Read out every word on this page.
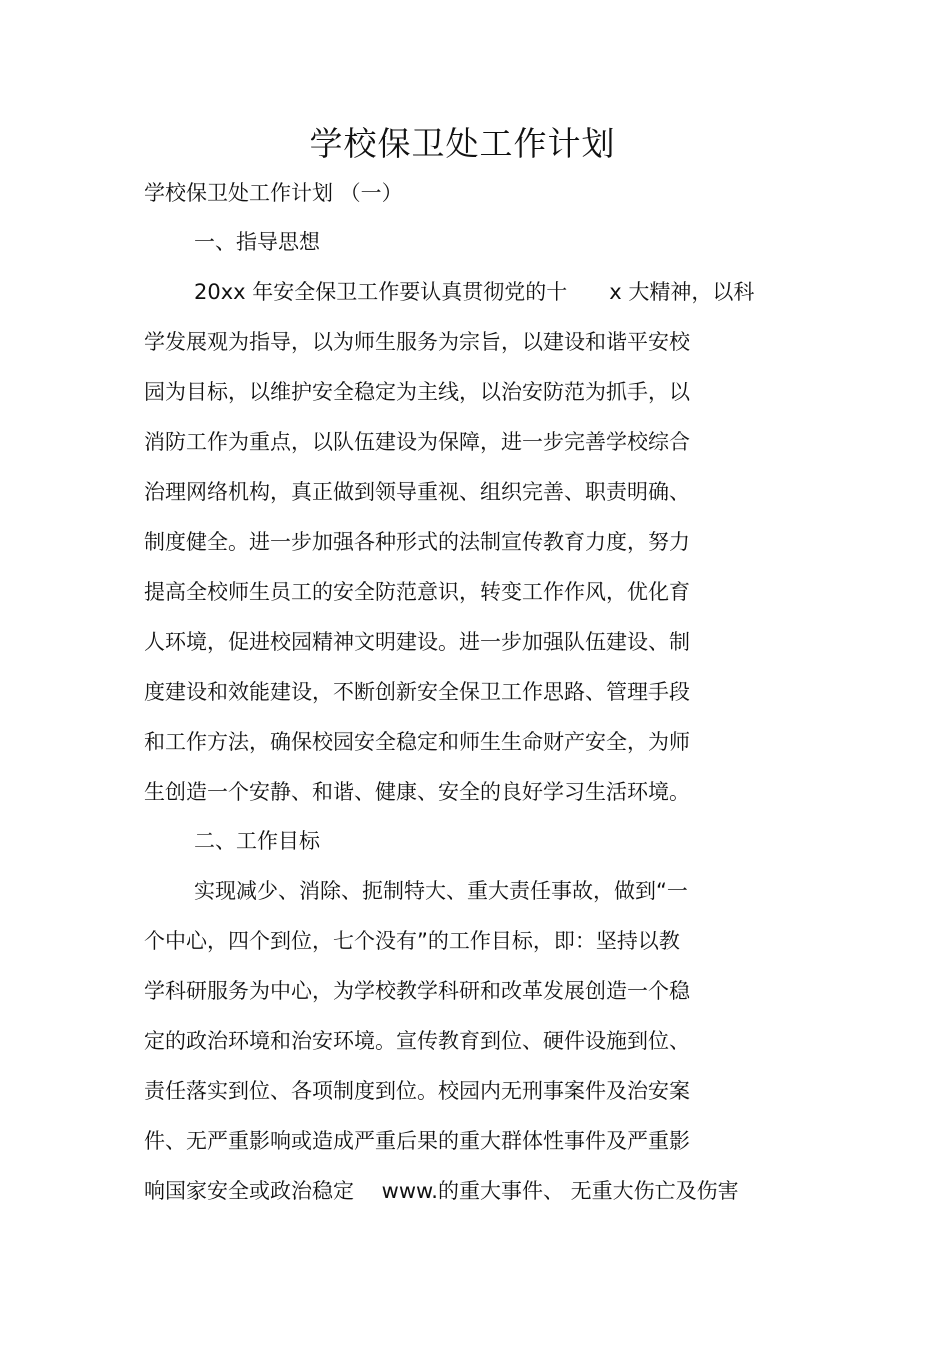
学校保卫处工作计划
学校保卫处工作计划 （一）
一、指导思想
20xx 年安全保卫工作要认真贯彻党的十　　x 大精神，以科
学发展观为指导，以为师生服务为宗旨，以建设和谐平安校
园为目标，以维护安全稳定为主线，以治安防范为抓手，以
消防工作为重点，以队伍建设为保障，进一步完善学校综合
治理网络机构，真正做到领导重视、组织完善、职责明确、
制度健全。进一步加强各种形式的法制宣传教育力度，努力
提高全校师生员工的安全防范意识，转变工作作风，优化育
人环境，促进校园精神文明建设。进一步加强队伍建设、制
度建设和效能建设，不断创新安全保卫工作思路、管理手段
和工作方法，确保校园安全稳定和师生生命财产安全，为师
生创造一个安静、和谐、健康、安全的良好学习生活环境。
二、工作目标
实现减少、消除、扼制特大、重大责任事故，做到“一
个中心，四个到位，七个没有”的工作目标，即：坚持以教
学科研服务为中心，为学校教学科研和改革发展创造一个稳
定的政治环境和治安环境。宣传教育到位、硬件设施到位、
责任落实到位、各项制度到位。校园内无刑事案件及治安案
件、无严重影响或造成严重后果的重大群体性事件及严重影
响国家安全或政治稳定　 www.的重大事件、 无重大伤亡及伤害
